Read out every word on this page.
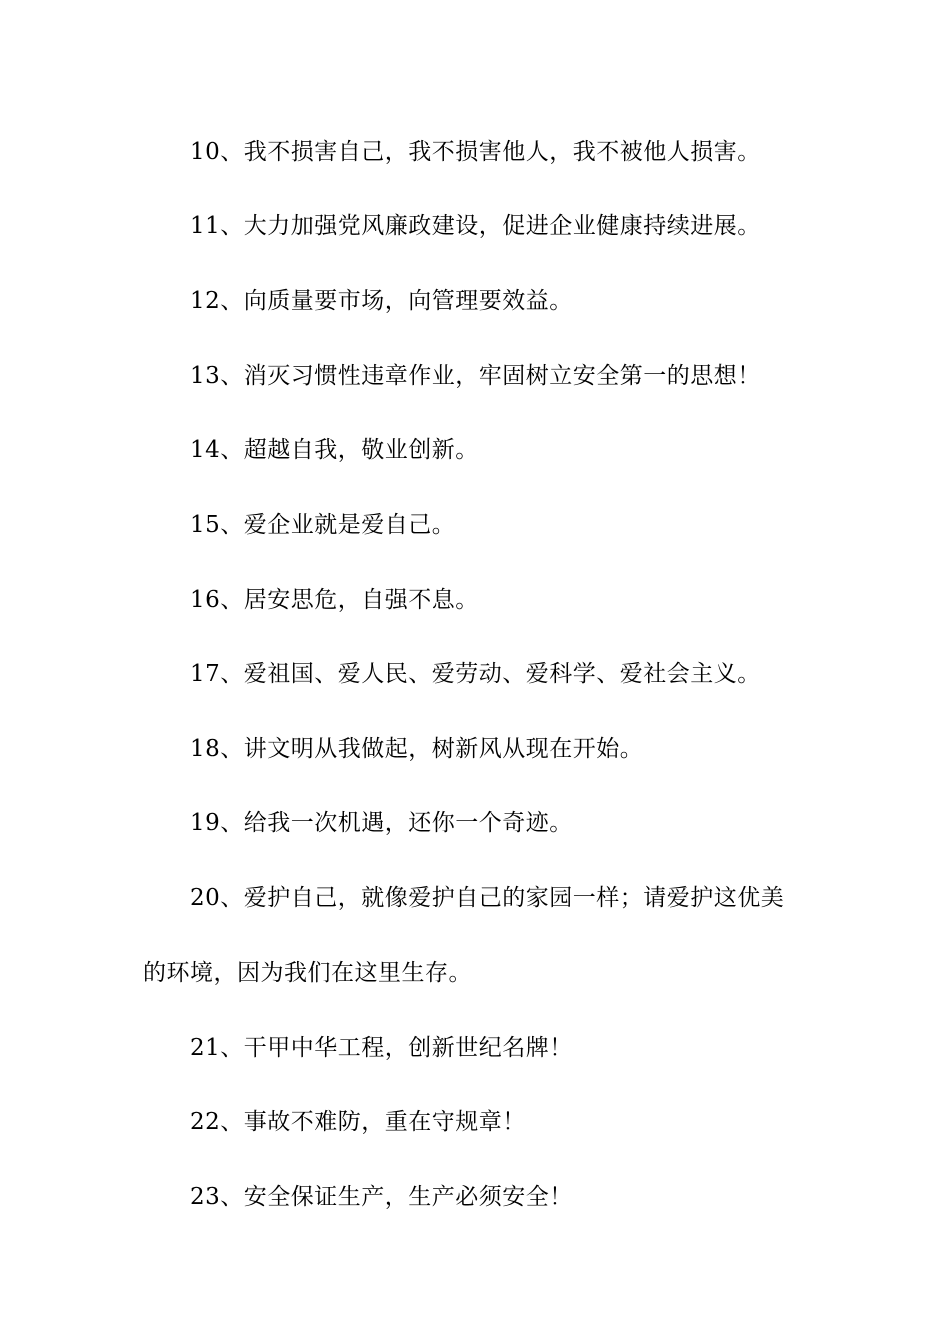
10、我不损害自己，我不损害他人，我不被他人损害。
11、大力加强党风廉政建设，促进企业健康持续进展。
12、向质量要市场，向管理要效益。
13、消灭习惯性违章作业，牢固树立安全第一的思想！
14、超越自我，敬业创新。
15、爱企业就是爱自己。
16、居安思危，自强不息。
17、爱祖国、爱人民、爱劳动、爱科学、爱社会主义。
18、讲文明从我做起，树新风从现在开始。
19、给我一次机遇，还你一个奇迹。
20、爱护自己，就像爱护自己的家园一样；请爱护这优美
的环境，因为我们在这里生存。
21、干甲中华工程，创新世纪名牌！
22、事故不难防，重在守规章！
23、安全保证生产，生产必须安全！
